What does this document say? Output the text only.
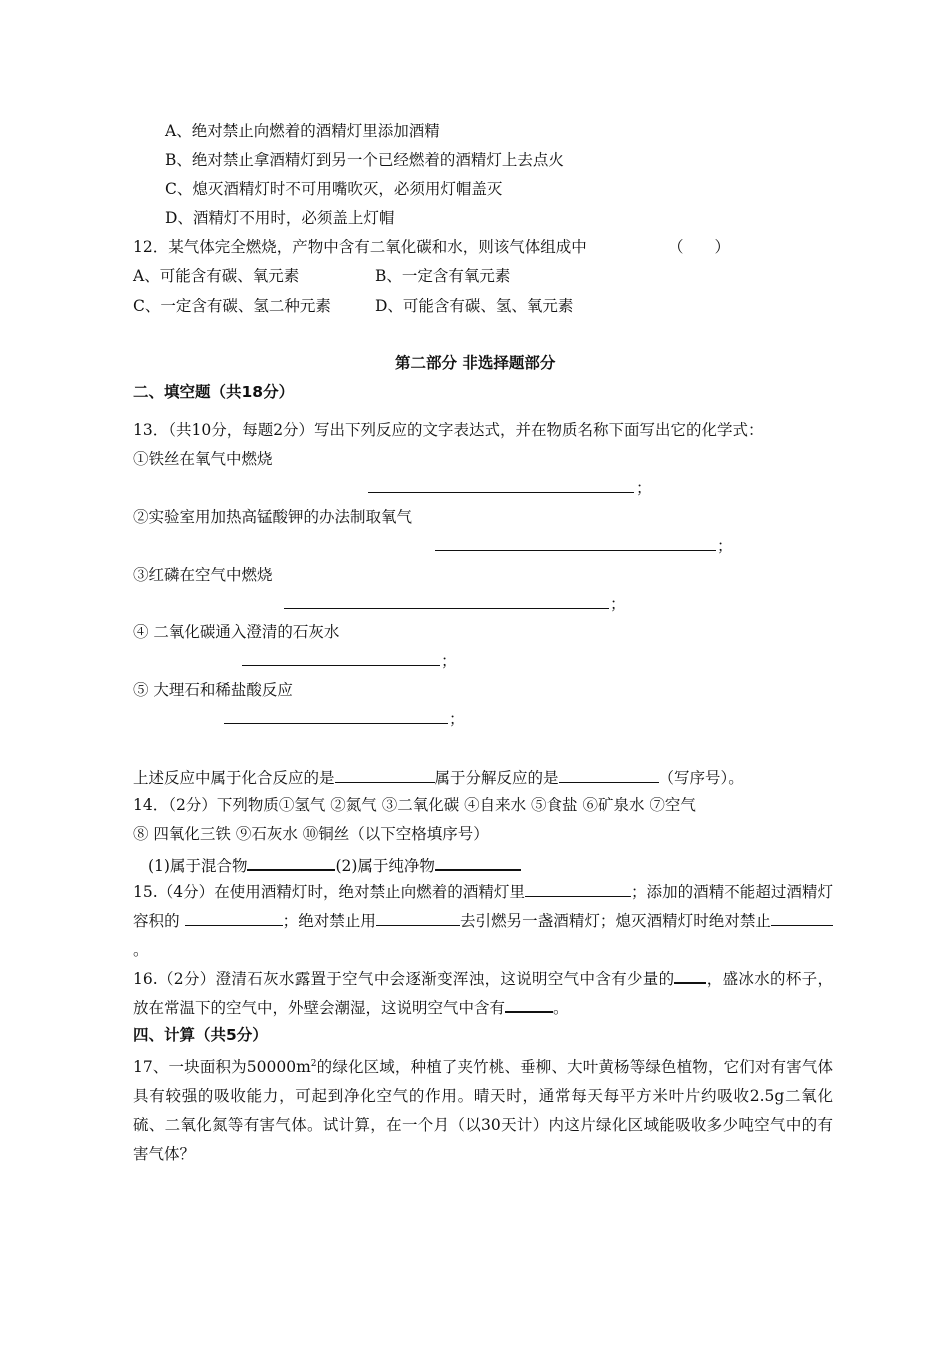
A、绝对禁止向燃着的酒精灯里添加酒精
B、绝对禁止拿酒精灯到另一个已经燃着的酒精灯上去点火
C、熄灭酒精灯时不可用嘴吹灭，必须用灯帽盖灭
D、酒精灯不用时，必须盖上灯帽
12．某气体完全燃烧，产物中含有二氧化碳和水，则该气体组成中	（　　）
A、可能含有碳、氧元素	B、一定含有氧元素
C、一定含有碳、氢二种元素	D、可能含有碳、氢、氧元素
第二部分 非选择题部分
二、填空题（共18分）
13．（共10分，每题2分）写出下列反应的文字表达式，并在物质名称下面写出它的化学式：
①铁丝在氧气中燃烧
；
②实验室用加热高锰酸钾的办法制取氧气
；
③红磷在空气中燃烧
；
④ 二氧化碳通入澄清的石灰水
；
⑤ 大理石和稀盐酸反应
；
上述反应中属于化合反应的是	属于分解反应的是	（写序号）。
14．（2分）下列物质①氢气 ②氮气 ③二氧化碳 ④自来水 ⑤食盐 ⑥矿泉水 ⑦空气
⑧ 四氧化三铁 ⑨石灰水 ⑩铜丝（以下空格填序号）
(1)属于混合物	(2)属于纯净物
15.（4分）在使用酒精灯时，绝对禁止向燃着的酒精灯里	；添加的酒精不能超过酒精灯容积的	；绝对禁止用	去引燃另一盏酒精灯；熄灭酒精灯时绝对禁止。
16.（2分）澄清石灰水露置于空气中会逐渐变浑浊，这说明空气中含有少量的 ，盛冰水的杯子，放在常温下的空气中，外壁会潮湿，这说明空气中含有	。
四、计算（共5分）
17、一块面积为$50000m^2$的绿化区域，种植了夹竹桃、垂柳、大叶黄杨等绿色植物，它们对有害气体具有较强的吸收能力，可起到净化空气的作用。晴天时，通常每天每平方米叶片约吸收2.5g二氧化硫、二氧化氮等有害气体。试计算，在一个月（以30天计）内这片绿化区域能吸收多少吨空气中的有害气体？
